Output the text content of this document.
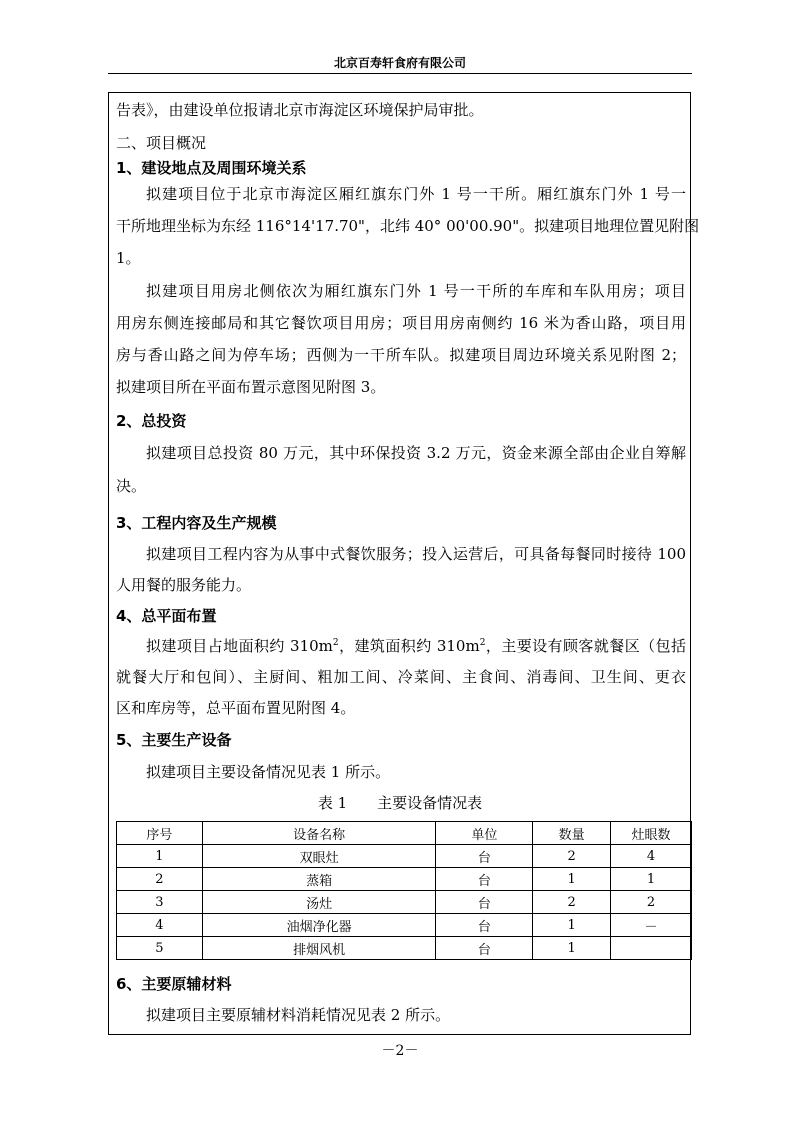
北京百寿轩食府有限公司
告表》，由建设单位报请北京市海淀区环境保护局审批。
二、项目概况
1、建设地点及周围环境关系
拟建项目位于北京市海淀区厢红旗东门外 1 号一干所。厢红旗东门外 1 号一
干所地理坐标为东经 116°14'17.70"，北纬 40° 00'00.90"。拟建项目地理位置见附图
1。
拟建项目用房北侧依次为厢红旗东门外 1 号一干所的车库和车队用房；项目
用房东侧连接邮局和其它餐饮项目用房；项目用房南侧约 16 米为香山路，项目用
房与香山路之间为停车场；西侧为一干所车队。拟建项目周边环境关系见附图 2；
拟建项目所在平面布置示意图见附图 3。
2、总投资
拟建项目总投资 80 万元，其中环保投资 3.2 万元，资金来源全部由企业自筹解
决。
3、工程内容及生产规模
拟建项目工程内容为从事中式餐饮服务；投入运营后，可具备每餐同时接待 100
人用餐的服务能力。
4、总平面布置
拟建项目占地面积约 $310m^2$，建筑面积约 $310m^2$，主要设有顾客就餐区（包括
就餐大厅和包间）、主厨间、粗加工间、冷菜间、主食间、消毒间、卫生间、更衣
区和库房等，总平面布置见附图 4。
5、主要生产设备
拟建项目主要设备情况见表 1 所示。
表 1　　主要设备情况表
序号	设备名称	单位	数量	灶眼数
1	双眼灶	台	2	4
2	蒸箱	台	1	1
3	汤灶	台	2	2
4	油烟净化器	台	1	－
5	排烟风机	台	1	
6、主要原辅材料
拟建项目主要原辅材料消耗情况见表 2 所示。
－2－
